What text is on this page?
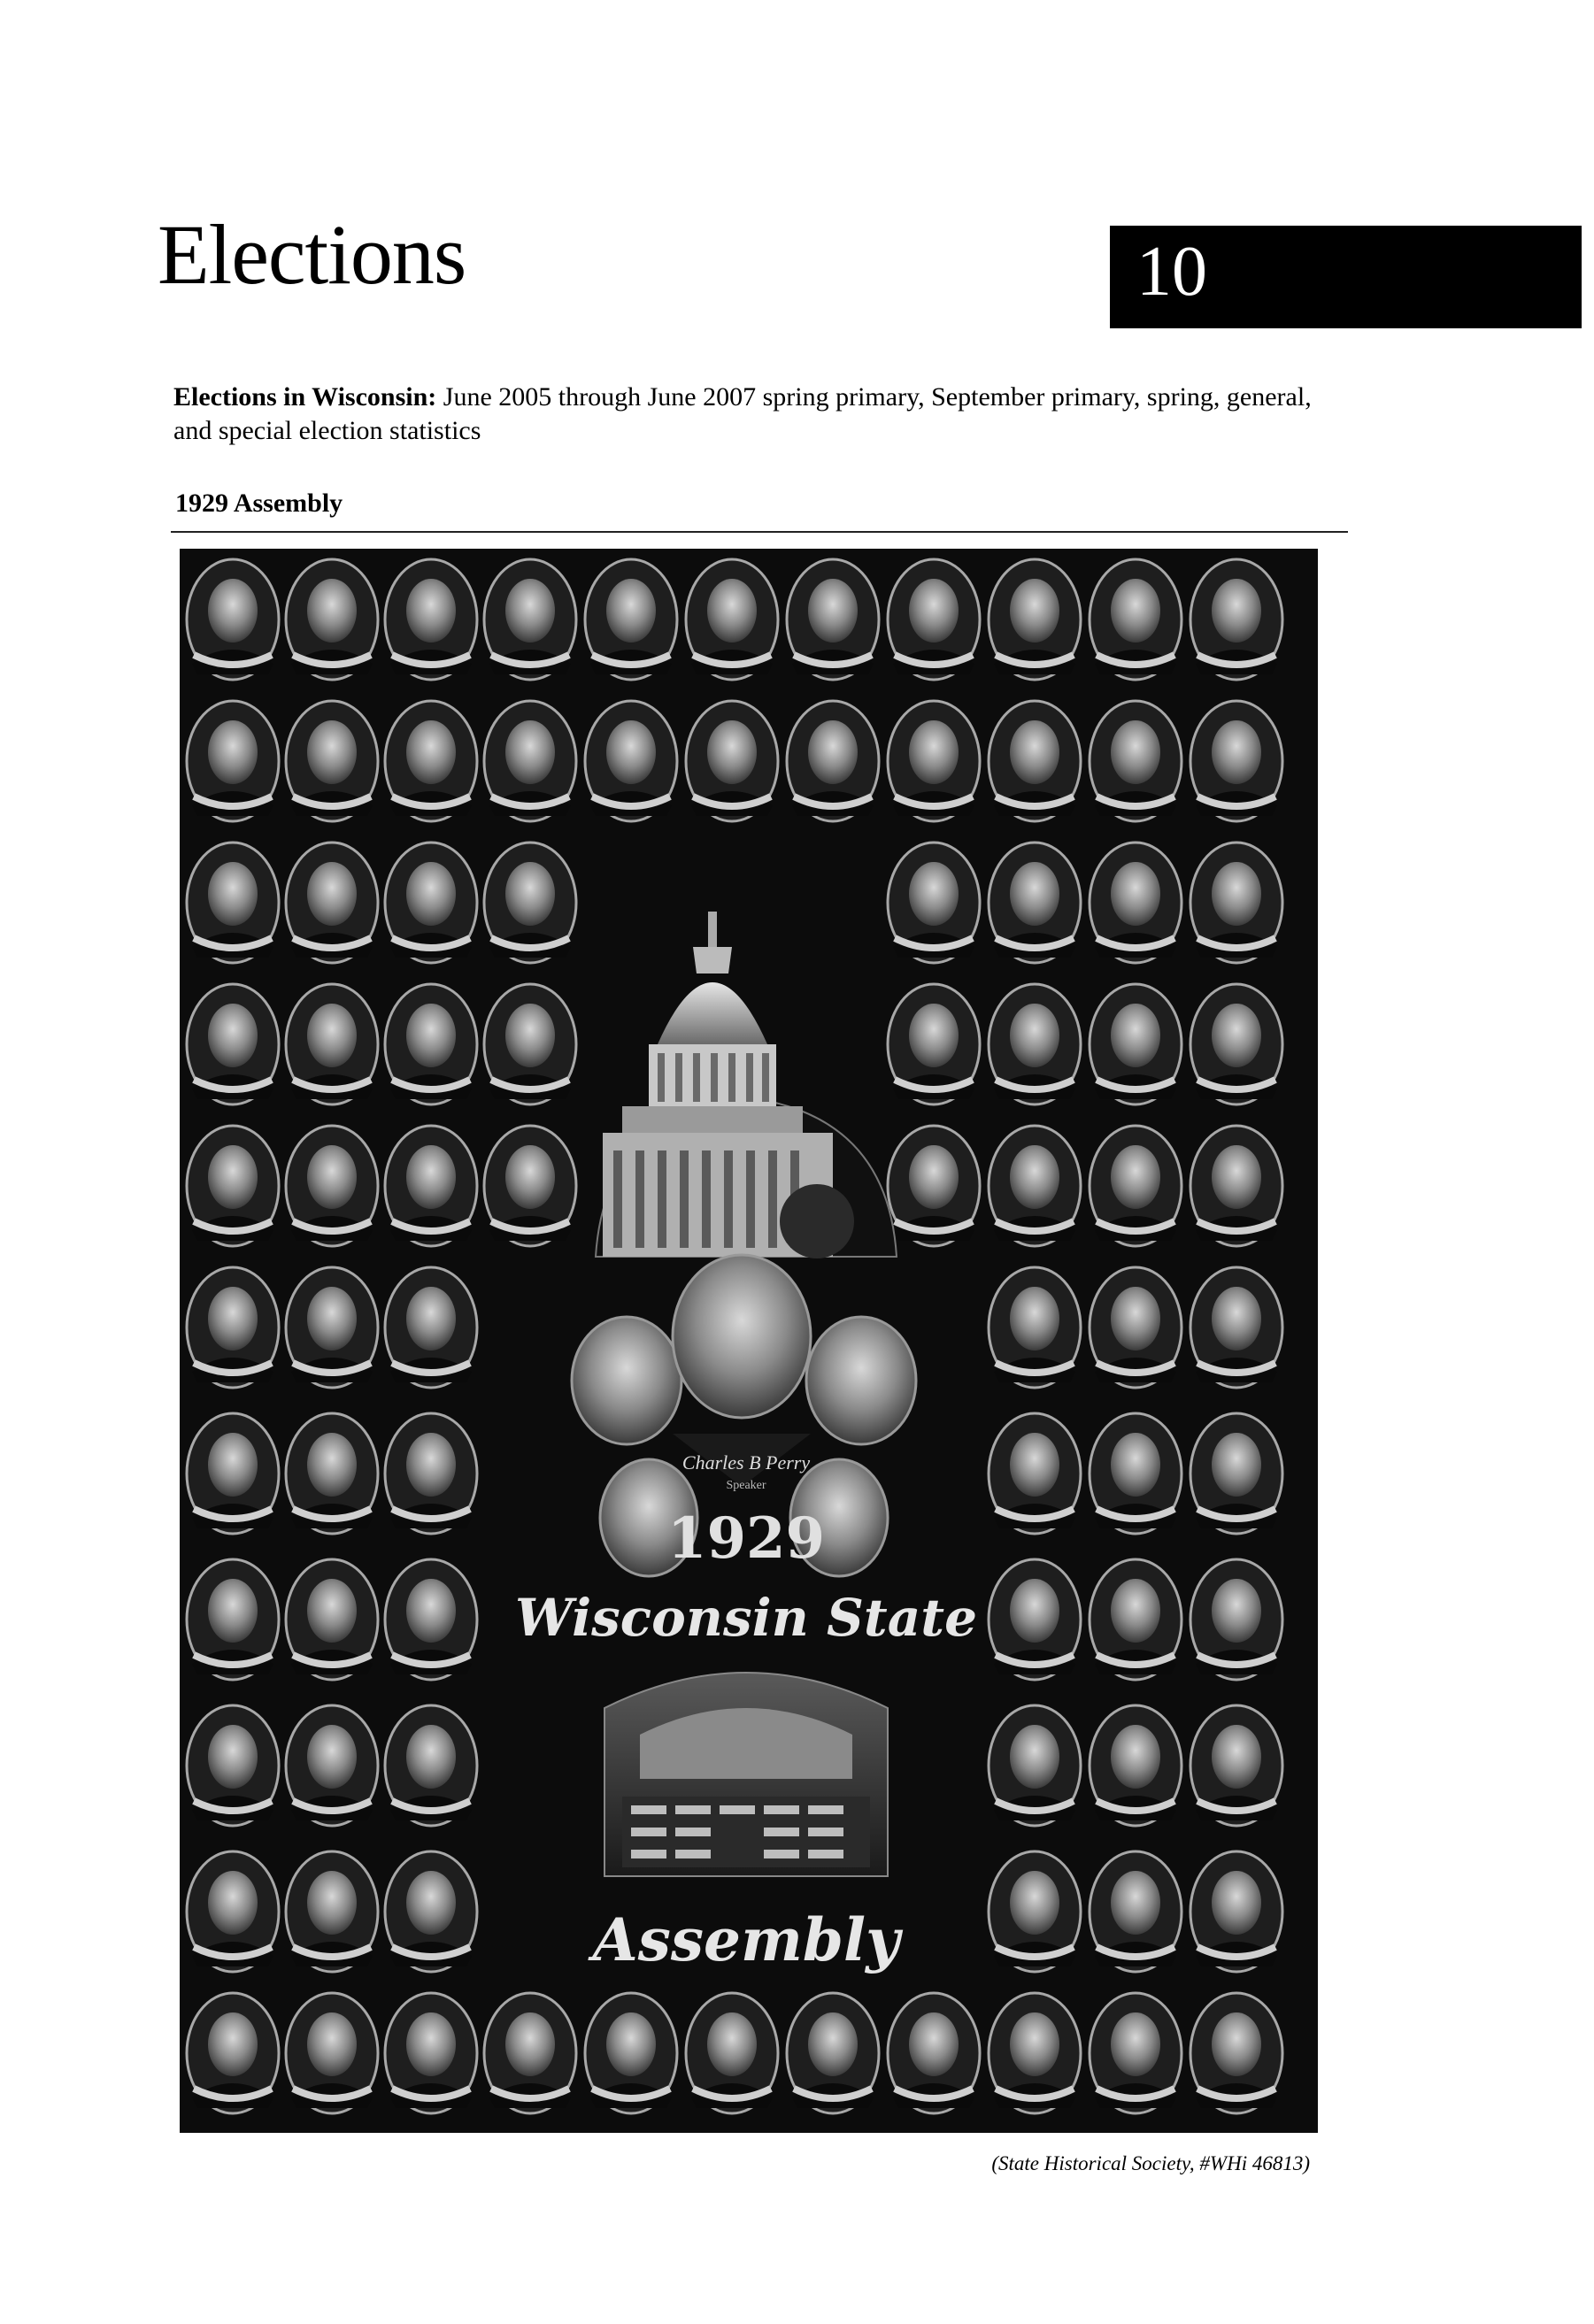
Elections	10
Elections in Wisconsin: June 2005 through June 2007 spring primary, September primary, spring, general, and special election statistics
1929 Assembly
Charles B Perry
Speaker
1929
Wisconsin State
Assembly
(State Historical Society, #WHi 46813)
